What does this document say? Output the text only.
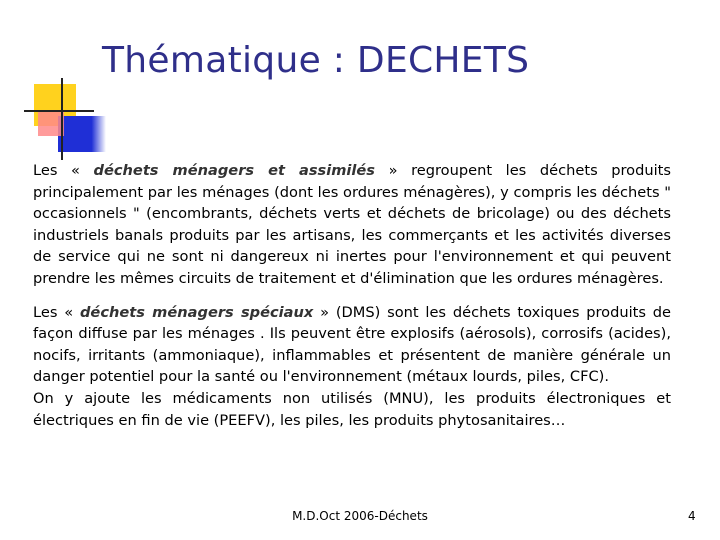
Thématique : DECHETS

Les « déchets ménagers et assimilés » regroupent les déchets produits principalement par les ménages (dont les ordures ménagères), y compris les déchets " occasionnels " (encombrants, déchets verts et déchets de bricolage) ou des déchets industriels banals produits par les artisans, les commerçants et les activités diverses de service qui ne sont ni dangereux ni inertes pour l'environnement et qui peuvent prendre les mêmes circuits de traitement et d'élimination que les ordures ménagères.

Les « déchets ménagers spéciaux » (DMS) sont les déchets toxiques produits de façon diffuse par les ménages . Ils peuvent être explosifs (aérosols), corrosifs (acides), nocifs, irritants (ammoniaque), inflammables et présentent de manière générale un danger potentiel pour la santé ou l'environnement (métaux lourds, piles, CFC).

On y ajoute les médicaments non utilisés (MNU), les produits électroniques et électriques en fin de vie (PEEFV), les piles, les produits phytosanitaires…

M.D.Oct 2006-Déchets	4
